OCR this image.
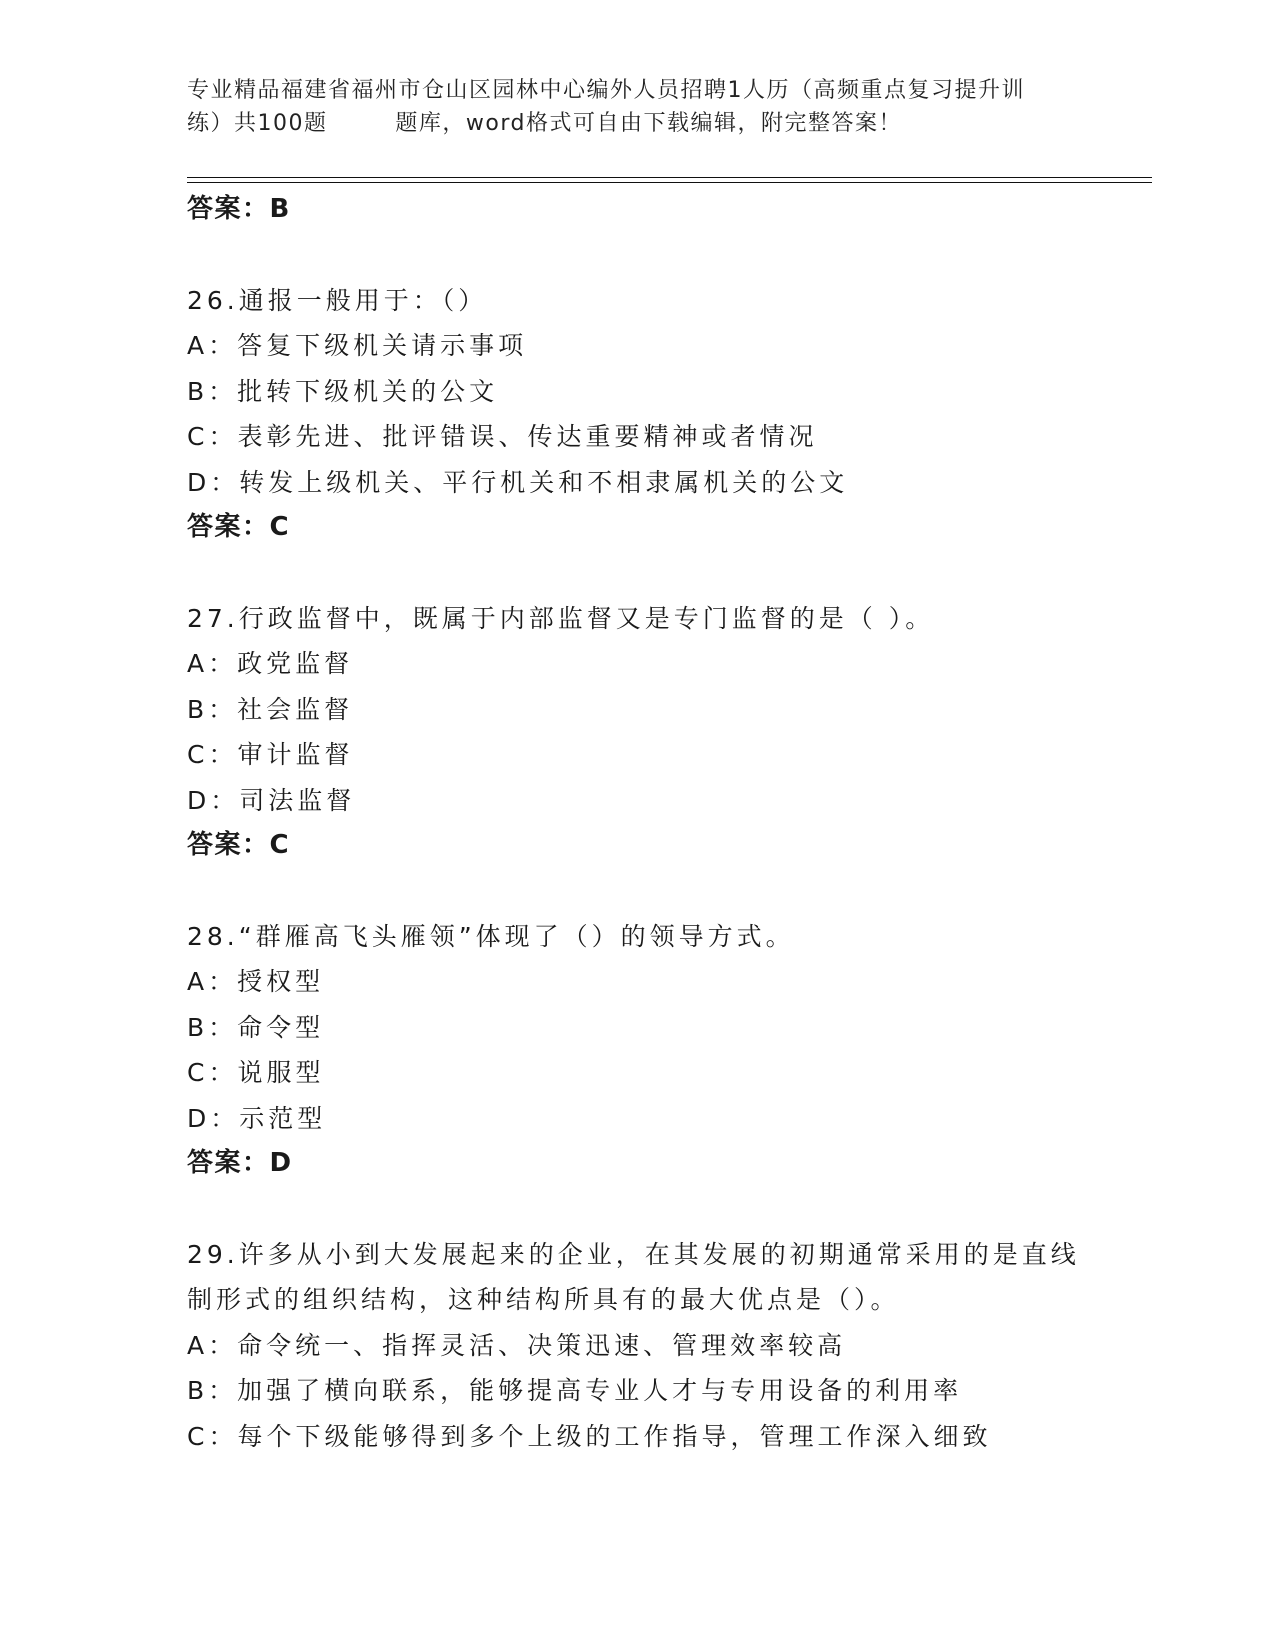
专业精品福建省福州市仓山区园林中心编外人员招聘1人历（高频重点复习提升训
练）共100题        题库，word格式可自由下载编辑，附完整答案！
答案：B
26.通报一般用于：（）
A：答复下级机关请示事项
B：批转下级机关的公文
C：表彰先进、批评错误、传达重要精神或者情况
D：转发上级机关、平行机关和不相隶属机关的公文
答案：C
27.行政监督中，既属于内部监督又是专门监督的是（ ）。
A：政党监督
B：社会监督
C：审计监督
D：司法监督
答案：C
28.“群雁高飞头雁领”体现了（）的领导方式。
A：授权型
B：命令型
C：说服型
D：示范型
答案：D
29.许多从小到大发展起来的企业，在其发展的初期通常采用的是直线
制形式的组织结构，这种结构所具有的最大优点是（）。
A：命令统一、指挥灵活、决策迅速、管理效率较高
B：加强了横向联系，能够提高专业人才与专用设备的利用率
C：每个下级能够得到多个上级的工作指导，管理工作深入细致
